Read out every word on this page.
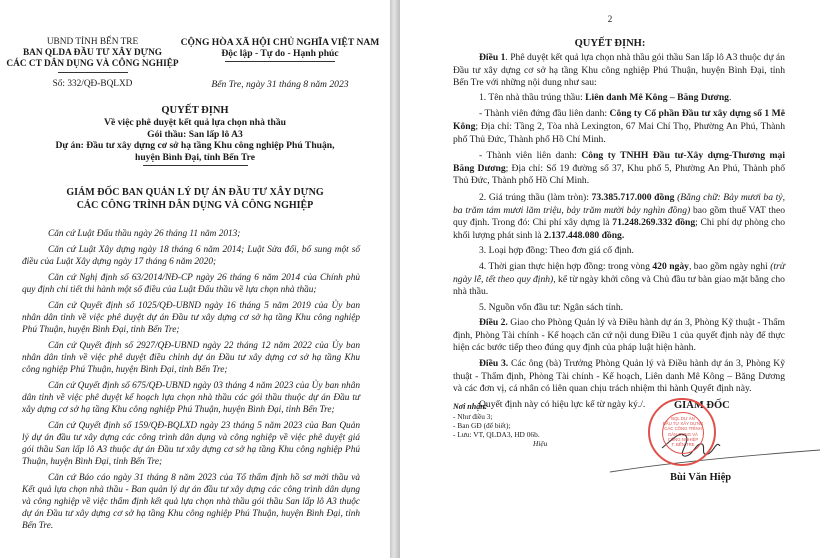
UBND TỈNH BẾN TRE
BAN QLDA ĐẦU TƯ XÂY DỰNG
CÁC CT DÂN DỤNG VÀ CÔNG NGHIỆP
Số: 332/QĐ-BQLXD
CỘNG HÒA XÃ HỘI CHỦ NGHĨA VIỆT NAM
Độc lập - Tự do - Hạnh phúc
Bến Tre, ngày 31 tháng 8 năm 2023
QUYẾT ĐỊNH
Về việc phê duyệt kết quả lựa chọn nhà thầu
Gói thầu: San lấp lô A3
Dự án: Đầu tư xây dựng cơ sở hạ tầng Khu công nghiệp Phú Thuận,
huyện Bình Đại, tỉnh Bến Tre
GIÁM ĐỐC BAN QUẢN LÝ DỰ ÁN ĐẦU TƯ XÂY DỰNG
CÁC CÔNG TRÌNH DÂN DỤNG VÀ CÔNG NGHIỆP
Căn cứ Luật Đấu thầu ngày 26 tháng 11 năm 2013;
Căn cứ Luật Xây dựng ngày 18 tháng 6 năm 2014; Luật Sửa đổi, bổ sung một số điều của Luật Xây dựng ngày 17 tháng 6 năm 2020;
Căn cứ Nghị định số 63/2014/NĐ-CP ngày 26 tháng 6 năm 2014 của Chính phủ quy định chi tiết thi hành một số điều của Luật Đấu thầu về lựa chọn nhà thầu;
Căn cứ Quyết định số 1025/QĐ-UBND ngày 16 tháng 5 năm 2019 của Ủy ban nhân dân tỉnh về việc phê duyệt dự án Đầu tư xây dựng cơ sở hạ tầng Khu công nghiệp Phú Thuận, huyện Bình Đại, tỉnh Bến Tre;
Căn cứ Quyết định số 2927/QĐ-UBND ngày 22 tháng 12 năm 2022 của Ủy ban nhân dân tỉnh về việc phê duyệt điều chỉnh dự án Đầu tư xây dựng cơ sở hạ tầng Khu công nghiệp Phú Thuận, huyện Bình Đại, tỉnh Bến Tre;
Căn cứ Quyết định số 675/QĐ-UBND ngày 03 tháng 4 năm 2023 của Ủy ban nhân dân tỉnh về việc phê duyệt kế hoạch lựa chọn nhà thầu các gói thầu thuộc dự án Đầu tư xây dựng cơ sở hạ tầng Khu công nghiệp Phú Thuận, huyện Bình Đại, tỉnh Bến Tre;
Căn cứ Quyết định số 159/QĐ-BQLXD ngày 23 tháng 5 năm 2023 của Ban Quản lý dự án đầu tư xây dựng các công trình dân dụng và công nghiệp về việc phê duyệt giá gói thầu San lấp lô A3 thuộc dự án Đầu tư xây dựng cơ sở hạ tầng Khu công nghiệp Phú Thuận, huyện Bình Đại, tỉnh Bến Tre;
Căn cứ Báo cáo ngày 31 tháng 8 năm 2023 của Tổ thẩm định hồ sơ mời thầu và Kết quả lựa chọn nhà thầu - Ban quản lý dự án đầu tư xây dựng các công trình dân dụng và công nghiệp về việc thẩm định kết quả lựa chọn nhà thầu gói thầu San lấp lô A3 thuộc dự án Đầu tư xây dựng cơ sở hạ tầng Khu công nghiệp Phú Thuận, huyện Bình Đại, tỉnh Bến Tre.
2
QUYẾT ĐỊNH:
Điều 1. Phê duyệt kết quả lựa chọn nhà thầu gói thầu San lấp lô A3 thuộc dự án Đầu tư xây dựng cơ sở hạ tầng Khu công nghiệp Phú Thuận, huyện Bình Đại, tỉnh Bến Tre với những nội dung như sau:
1. Tên nhà thầu trúng thầu: Liên danh Mê Kông – Băng Dương.
- Thành viên đứng đầu liên danh: Công ty Cổ phần Đầu tư xây dựng số 1 Mê Kông; Địa chỉ: Tầng 2, Tòa nhà Lexington, 67 Mai Chí Thọ, Phường An Phú, Thành phố Thủ Đức, Thành phố Hồ Chí Minh.
- Thành viên liên danh: Công ty TNHH Đầu tư-Xây dựng-Thương mại Băng Dương; Địa chỉ: Số 19 đường số 37, Khu phố 5, Phường An Phú, Thành phố Thủ Đức, Thành phố Hồ Chí Minh.
2. Giá trúng thầu (làm tròn): 73.385.717.000 đồng (Bằng chữ: Bảy mươi ba tỷ, ba trăm tám mươi lăm triệu, bảy trăm mười bảy nghìn đồng) bao gồm thuế VAT theo quy định. Trong đó: Chi phí xây dựng là 71.248.269.332 đồng; Chi phí dự phòng cho khối lượng phát sinh là 2.137.448.080 đồng.
3. Loại hợp đồng: Theo đơn giá cố định.
4. Thời gian thực hiện hợp đồng: trong vòng 420 ngày, bao gồm ngày nghỉ (trừ ngày lễ, tết theo quy định), kể từ ngày khởi công và Chủ đầu tư bàn giao mặt bằng cho nhà thầu.
5. Nguồn vốn đầu tư: Ngân sách tỉnh.
Điều 2. Giao cho Phòng Quản lý và Điều hành dự án 3, Phòng Kỹ thuật - Thẩm định, Phòng Tài chính - Kế hoạch căn cứ nội dung Điều 1 của quyết định này để thực hiện các bước tiếp theo đúng quy định của pháp luật hiện hành.
Điều 3. Các ông (bà) Trưởng Phòng Quản lý và Điều hành dự án 3, Phòng Kỹ thuật - Thẩm định, Phòng Tài chính - Kế hoạch, Liên danh Mê Kông – Băng Dương và các đơn vị, cá nhân có liên quan chịu trách nhiệm thi hành Quyết định này.
Quyết định này có hiệu lực kể từ ngày ký./.
Nơi nhận:
- Như điều 3;
- Ban GĐ (để biết);
- Lưu: VT, QLDA3, HD 06b.
Hiệu
GIÁM ĐỐC
Bùi Văn Hiệp
BQL DỰ ÁN
ĐẦU TƯ XÂY DỰNG
CÁC CÔNG TRÌNH
DÂN DỤNG VÀ
CÔNG NGHIỆP
T. BẾN TRE
